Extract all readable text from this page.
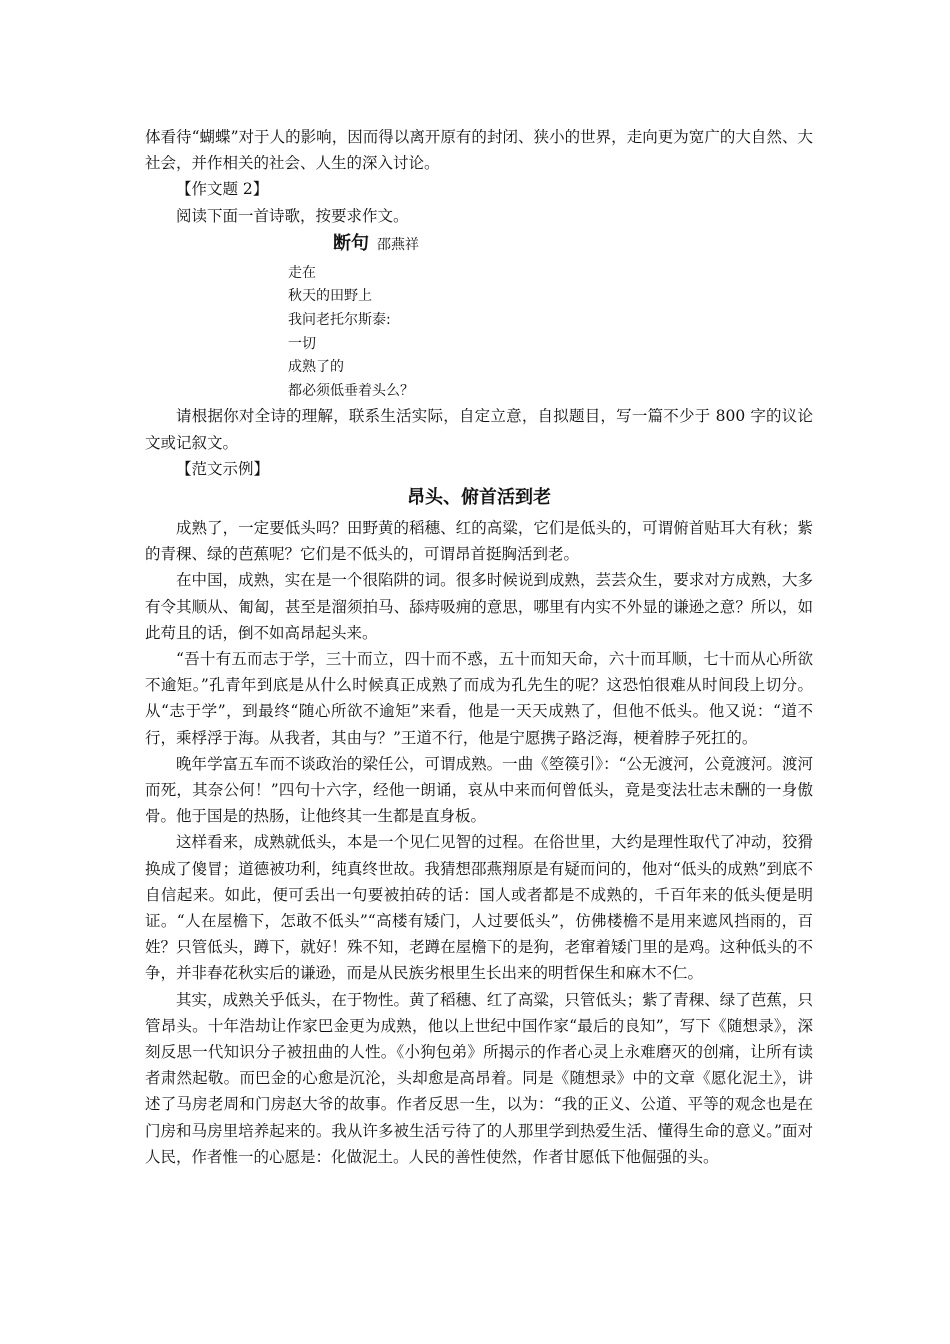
体看待“蝴蝶”对于人的影响，因而得以离开原有的封闭、狭小的世界，走向更为宽广的大自然、大社会，并作相关的社会、人生的深入讨论。

【作文题 2】

阅读下面一首诗歌，按要求作文。

断句 邵燕祥

走在

秋天的田野上

我问老托尔斯泰:

一切

成熟了的

都必须低垂着头么？

请根据你对全诗的理解，联系生活实际，自定立意，自拟题目，写一篇不少于 800 字的议论文或记叙文。

【范文示例】

昂头、俯首活到老

成熟了，一定要低头吗？田野黄的稻穗、红的高粱，它们是低头的，可谓俯首贴耳大有秋；紫的青稞、绿的芭蕉呢？它们是不低头的，可谓昂首挺胸活到老。

在中国，成熟，实在是一个很陷阱的词。很多时候说到成熟，芸芸众生，要求对方成熟，大多有令其顺从、匍匐，甚至是溜须拍马、舔痔吸痈的意思，哪里有内实不外显的谦逊之意？所以，如此苟且的话，倒不如高昂起头来。

“吾十有五而志于学，三十而立，四十而不惑，五十而知天命，六十而耳顺，七十而从心所欲不逾矩。”孔青年到底是从什么时候真正成熟了而成为孔先生的呢？这恐怕很难从时间段上切分。从“志于学”，到最终“随心所欲不逾矩”来看，他是一天天成熟了，但他不低头。他又说：“道不行，乘桴浮于海。从我者，其由与？”王道不行，他是宁愿携子路泛海，梗着脖子死扛的。

晚年学富五车而不谈政治的梁任公，可谓成熟。一曲《箜篌引》：“公无渡河，公竟渡河。渡河而死，其奈公何！”四句十六字，经他一朗诵，哀从中来而何曾低头，竟是变法壮志未酬的一身傲骨。他于国是的热肠，让他终其一生都是直身板。

这样看来，成熟就低头，本是一个见仁见智的过程。在俗世里，大约是理性取代了冲动，狡猾换成了傻冒；道德被功利，纯真终世故。我猜想邵燕翔原是有疑而问的，他对“低头的成熟”到底不自信起来。如此，便可丢出一句要被拍砖的话：国人或者都是不成熟的，千百年来的低头便是明证。“人在屋檐下，怎敢不低头”“高楼有矮门，人过要低头”，仿佛楼檐不是用来遮风挡雨的，百姓？只管低头，蹲下，就好！殊不知，老蹲在屋檐下的是狗，老窜着矮门里的是鸡。这种低头的不争，并非春花秋实后的谦逊，而是从民族劣根里生长出来的明哲保生和麻木不仁。

其实，成熟关乎低头，在于物性。黄了稻穗、红了高粱，只管低头；紫了青稞、绿了芭蕉，只管昂头。十年浩劫让作家巴金更为成熟，他以上世纪中国作家“最后的良知”，写下《随想录》，深刻反思一代知识分子被扭曲的人性。《小狗包弟》所揭示的作者心灵上永难磨灭的创痛，让所有读者肃然起敬。而巴金的心愈是沉沦，头却愈是高昂着。同是《随想录》中的文章《愿化泥土》，讲述了马房老周和门房赵大爷的故事。作者反思一生，以为：“我的正义、公道、平等的观念也是在门房和马房里培养起来的。我从许多被生活亏待了的人那里学到热爱生活、懂得生命的意义。”面对人民，作者惟一的心愿是：化做泥土。人民的善性使然，作者甘愿低下他倔强的头。
